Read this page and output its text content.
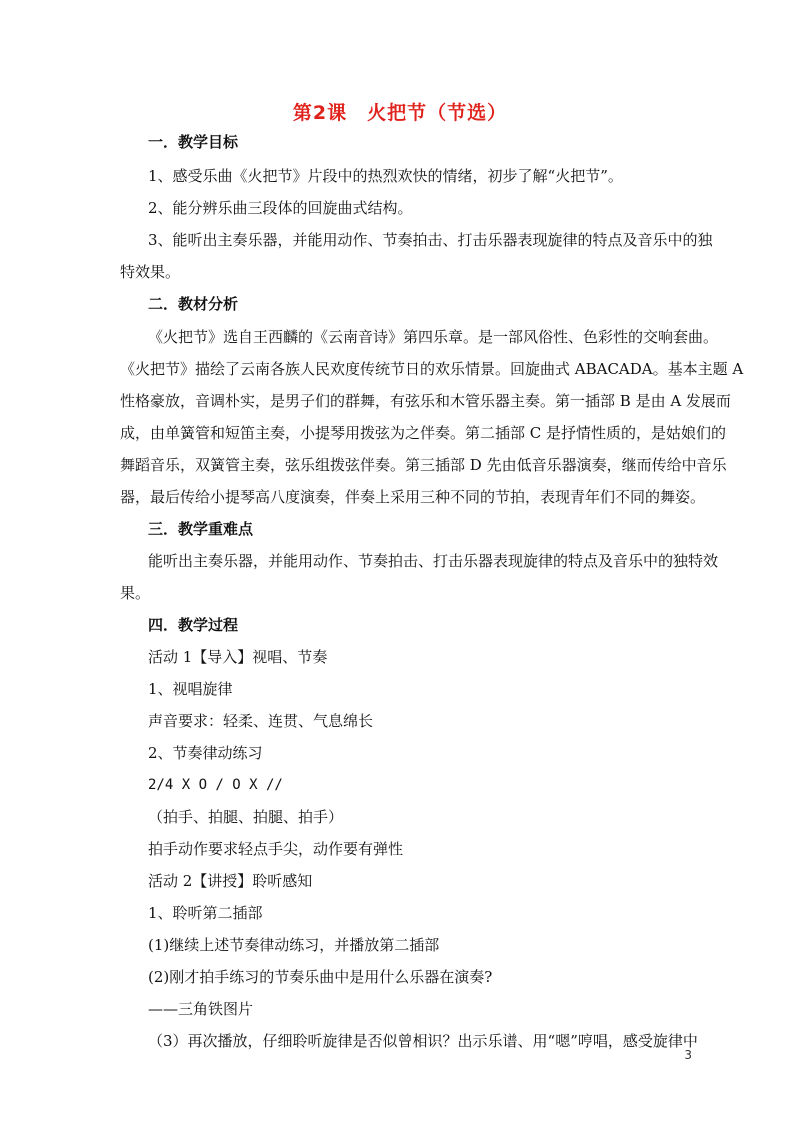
第2课　火把节（节选）
一．教学目标
1、感受乐曲《火把节》片段中的热烈欢快的情绪，初步了解“火把节”。
2、能分辨乐曲三段体的回旋曲式结构。
3、能听出主奏乐器，并能用动作、节奏拍击、打击乐器表现旋律的特点及音乐中的独
特效果。
二．教材分析
《火把节》选自王西麟的《云南音诗》第四乐章。是一部风俗性、色彩性的交响套曲。
《火把节》描绘了云南各族人民欢度传统节日的欢乐情景。回旋曲式 ABACADA。基本主题 A
性格豪放，音调朴实，是男子们的群舞，有弦乐和木管乐器主奏。第一插部 B 是由 A 发展而
成，由单簧管和短笛主奏，小提琴用拨弦为之伴奏。第二插部 C 是抒情性质的，是姑娘们的
舞蹈音乐，双簧管主奏，弦乐组拨弦伴奏。第三插部 D 先由低音乐器演奏，继而传给中音乐
器，最后传给小提琴高八度演奏，伴奏上采用三种不同的节拍，表现青年们不同的舞姿。
三．教学重难点
能听出主奏乐器，并能用动作、节奏拍击、打击乐器表现旋律的特点及音乐中的独特效
果。
四．教学过程
活动 1【导入】视唱、节奏
1、视唱旋律
声音要求：轻柔、连贯、气息绵长
2、节奏律动练习
2/4 X O / O X //
（拍手、拍腿、拍腿、拍手）
拍手动作要求轻点手尖，动作要有弹性
活动 2【讲授】聆听感知
1、聆听第二插部
(1)继续上述节奏律动练习，并播放第二插部
(2)刚才拍手练习的节奏乐曲中是用什么乐器在演奏?
——三角铁图片
（3）再次播放，仔细聆听旋律是否似曾相识？出示乐谱、用“嗯”哼唱，感受旋律中
3
